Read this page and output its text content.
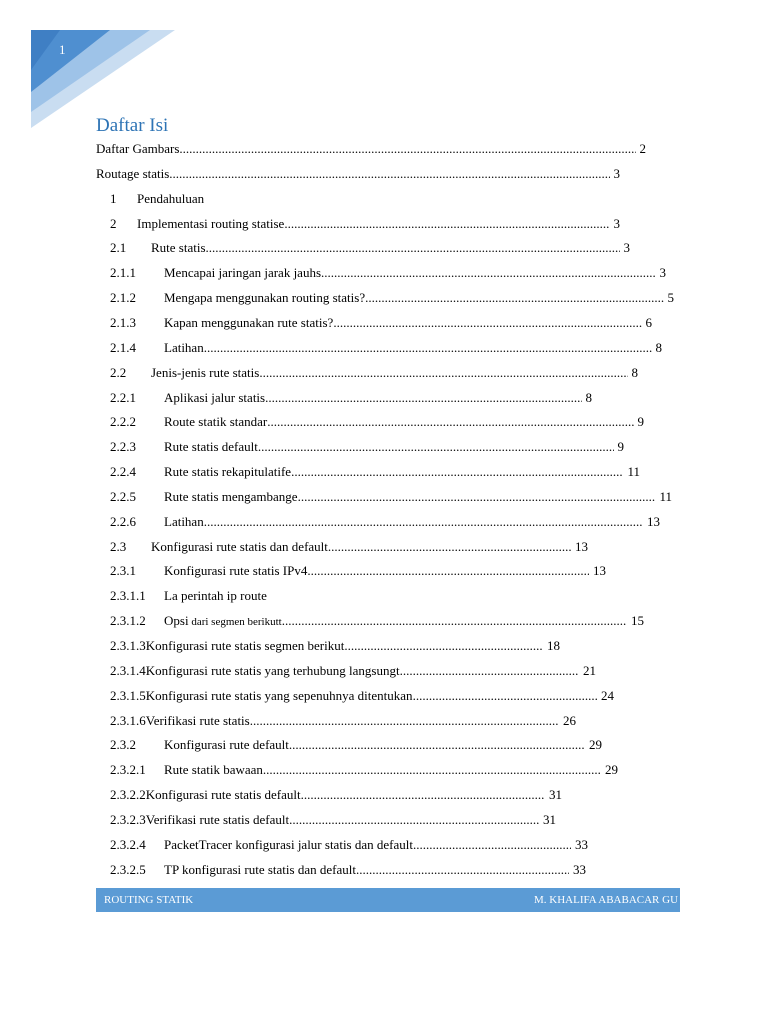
1
Daftar Isi
Daftar Gambars .....	2
Routage statis .....	3
1	Pendahuluan
2	Implementasi routing statise .....	3
2.1	Rute statis .....	3
2.1.1	Mencapai jaringan jarak jauhs .....	3
2.1.2	Mengapa menggunakan routing statis? .....	5
2.1.3	Kapan menggunakan rute statis? .....	6
2.1.4	Latihan .....	8
2.2	Jenis-jenis rute statis .....	8
2.2.1	Aplikasi jalur statis .....	8
2.2.2	Route statik standar .....	9
2.2.3	Rute statis default .....	9
2.2.4	Rute statis rekapitulatife .....	11
2.2.5	Rute statis mengambange .....	11
2.2.6	Latihan .....	13
2.3	Konfigurasi rute statis dan default .....	13
2.3.1	Konfigurasi rute statis IPv4 .....	13
2.3.1.1	La perintah ip route
2.3.1.2	Opsi dari segmen berikutt .....	15
2.3.1.3 Konfigurasi rute statis segmen berikut .....	18
2.3.1.4 Konfigurasi rute statis yang terhubung langsungt .....	21
2.3.1.5 Konfigurasi rute statis yang sepenuhnya ditentukan .....	24
2.3.1.6 Verifikasi rute statis .....	26
2.3.2	Konfigurasi rute default .....	29
2.3.2.1	Rute statik bawaan .....	29
2.3.2.2 Konfigurasi rute statis default .....	31
2.3.2.3 Verifikasi rute statis default .....	31
2.3.2.4	PacketTracer konfigurasi jalur statis dan default .....	33
2.3.2.5	TP konfigurasi rute statis dan default .....	33
ROUTING STATIK	M. KHALIFA ABABACAR GU
